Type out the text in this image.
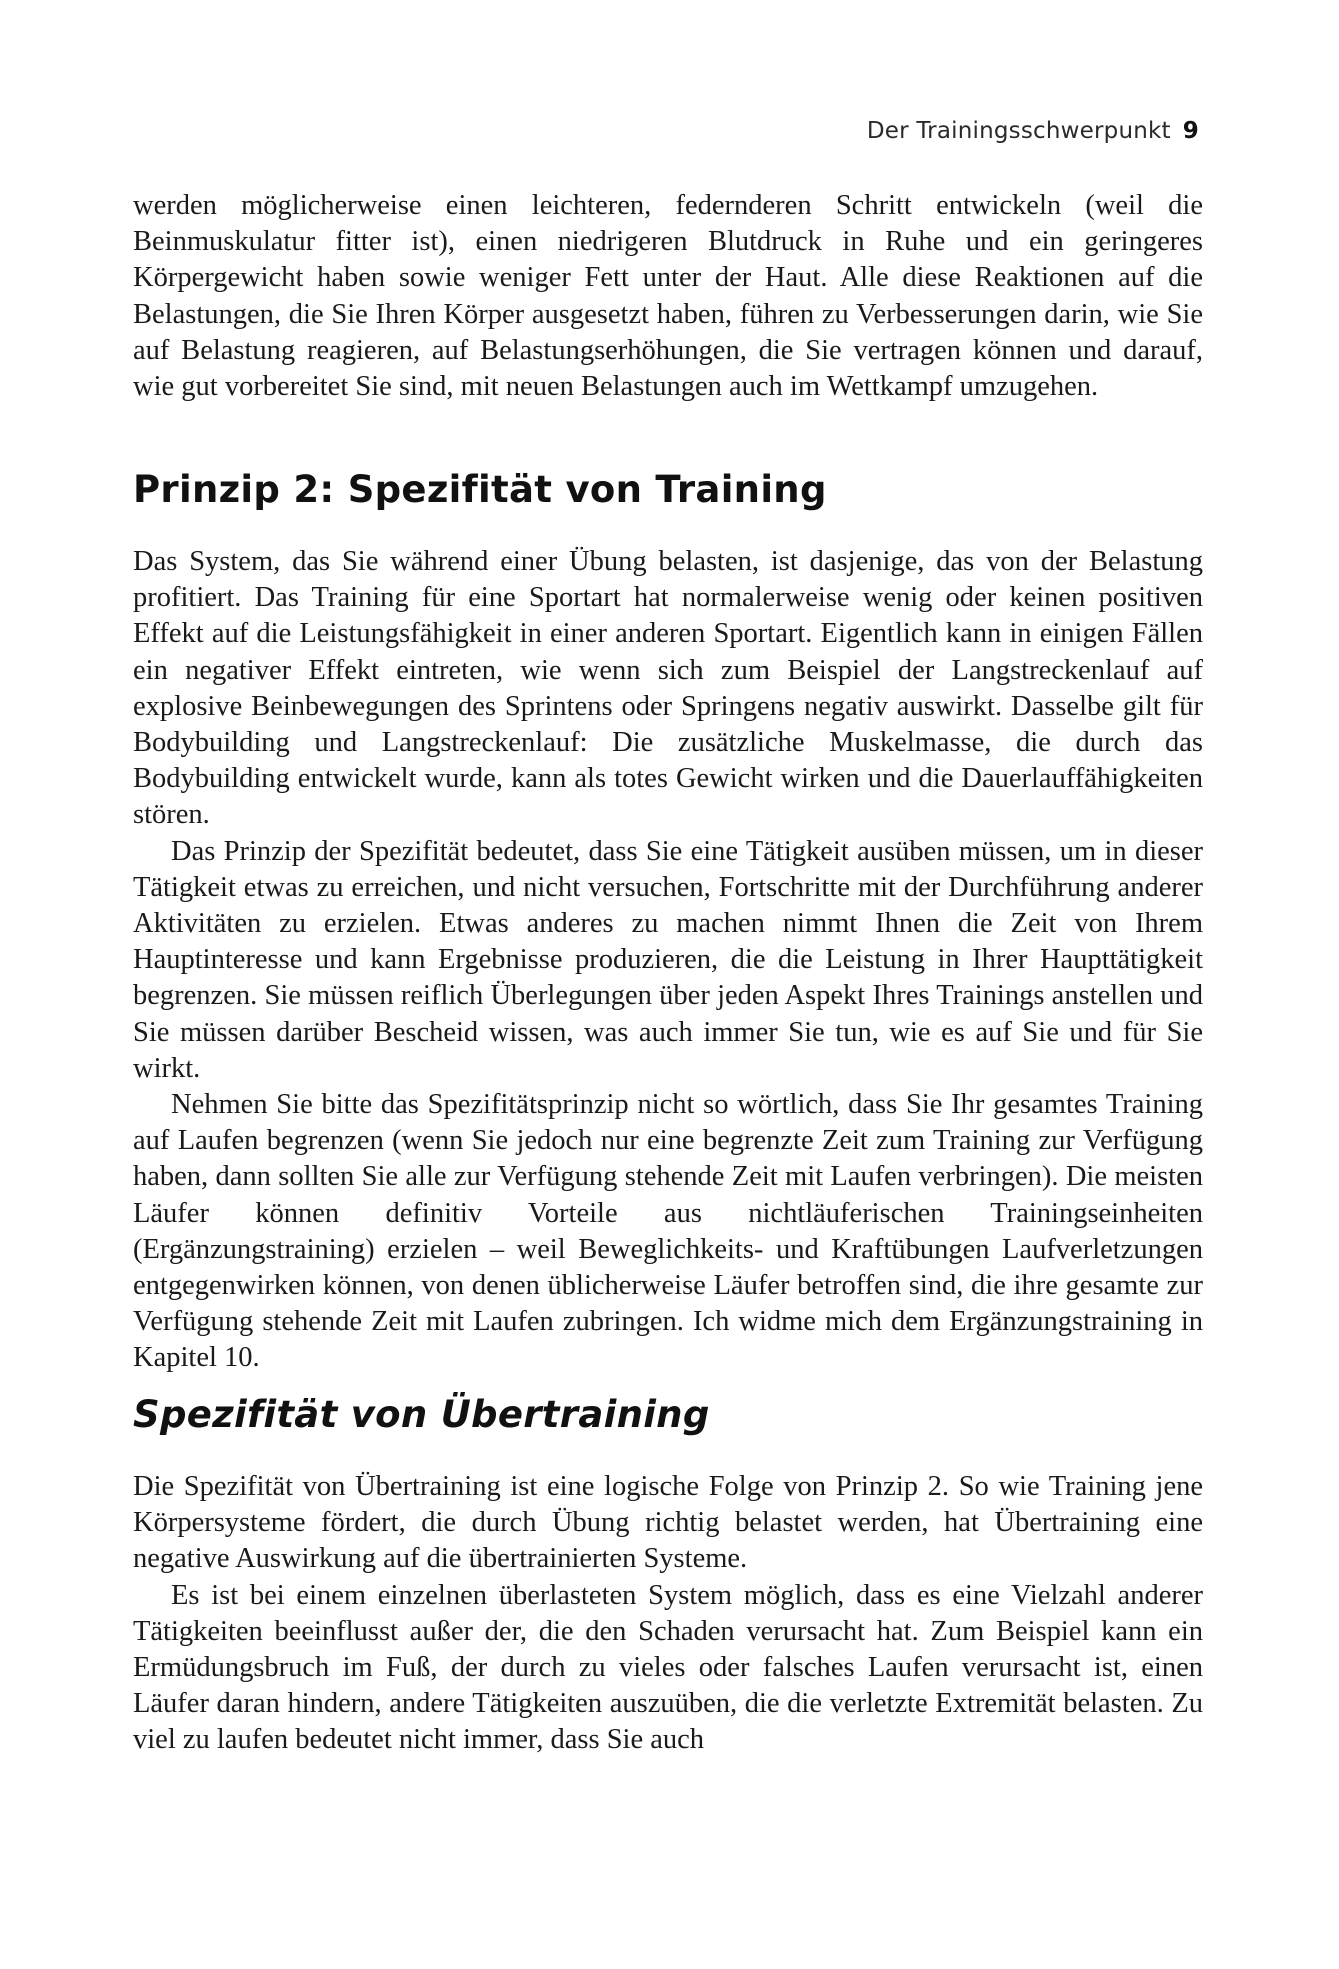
Der Trainingsschwerpunkt 9

werden möglicherweise einen leichteren, federnderen Schritt entwickeln (weil die Beinmuskulatur fitter ist), einen niedrigeren Blutdruck in Ruhe und ein geringeres Körpergewicht haben sowie weniger Fett unter der Haut. Alle diese Reaktionen auf die Belastungen, die Sie Ihren Körper ausgesetzt haben, führen zu Verbesserungen darin, wie Sie auf Belastung reagieren, auf Belastungserhöhungen, die Sie vertragen können und darauf, wie gut vorbereitet Sie sind, mit neuen Belastungen auch im Wettkampf umzugehen.

Prinzip 2: Spezifität von Training

Das System, das Sie während einer Übung belasten, ist dasjenige, das von der Belastung profitiert. Das Training für eine Sportart hat normalerweise wenig oder keinen positiven Effekt auf die Leistungsfähigkeit in einer anderen Sportart. Eigentlich kann in einigen Fällen ein negativer Effekt eintreten, wie wenn sich zum Beispiel der Langstreckenlauf auf explosive Beinbewegungen des Sprintens oder Springens negativ auswirkt. Dasselbe gilt für Bodybuilding und Langstreckenlauf: Die zusätzliche Muskelmasse, die durch das Bodybuilding entwickelt wurde, kann als totes Gewicht wirken und die Dauerlauffähigkeiten stören.

Das Prinzip der Spezifität bedeutet, dass Sie eine Tätigkeit ausüben müssen, um in dieser Tätigkeit etwas zu erreichen, und nicht versuchen, Fortschritte mit der Durchführung anderer Aktivitäten zu erzielen. Etwas anderes zu machen nimmt Ihnen die Zeit von Ihrem Hauptinteresse und kann Ergebnisse produzieren, die die Leistung in Ihrer Haupttätigkeit begrenzen. Sie müssen reiflich Überlegungen über jeden Aspekt Ihres Trainings anstellen und Sie müssen darüber Bescheid wissen, was auch immer Sie tun, wie es auf Sie und für Sie wirkt.

Nehmen Sie bitte das Spezifitätsprinzip nicht so wörtlich, dass Sie Ihr gesamtes Training auf Laufen begrenzen (wenn Sie jedoch nur eine begrenzte Zeit zum Training zur Verfügung haben, dann sollten Sie alle zur Verfügung stehende Zeit mit Laufen verbringen). Die meisten Läufer können definitiv Vorteile aus nichtläuferischen Trainingseinheiten (Ergänzungstraining) erzielen – weil Beweglichkeits- und Kraftübungen Laufverletzungen entgegenwirken können, von denen üblicherweise Läufer betroffen sind, die ihre gesamte zur Verfügung stehende Zeit mit Laufen zubringen. Ich widme mich dem Ergänzungstraining in Kapitel 10.

Spezifität von Übertraining

Die Spezifität von Übertraining ist eine logische Folge von Prinzip 2. So wie Training jene Körpersysteme fördert, die durch Übung richtig belastet werden, hat Übertraining eine negative Auswirkung auf die übertrainierten Systeme.

Es ist bei einem einzelnen überlasteten System möglich, dass es eine Vielzahl anderer Tätigkeiten beeinflusst außer der, die den Schaden verursacht hat. Zum Beispiel kann ein Ermüdungsbruch im Fuß, der durch zu vieles oder falsches Laufen verursacht ist, einen Läufer daran hindern, andere Tätigkeiten auszuüben, die die verletzte Extremität belasten. Zu viel zu laufen bedeutet nicht immer, dass Sie auch
